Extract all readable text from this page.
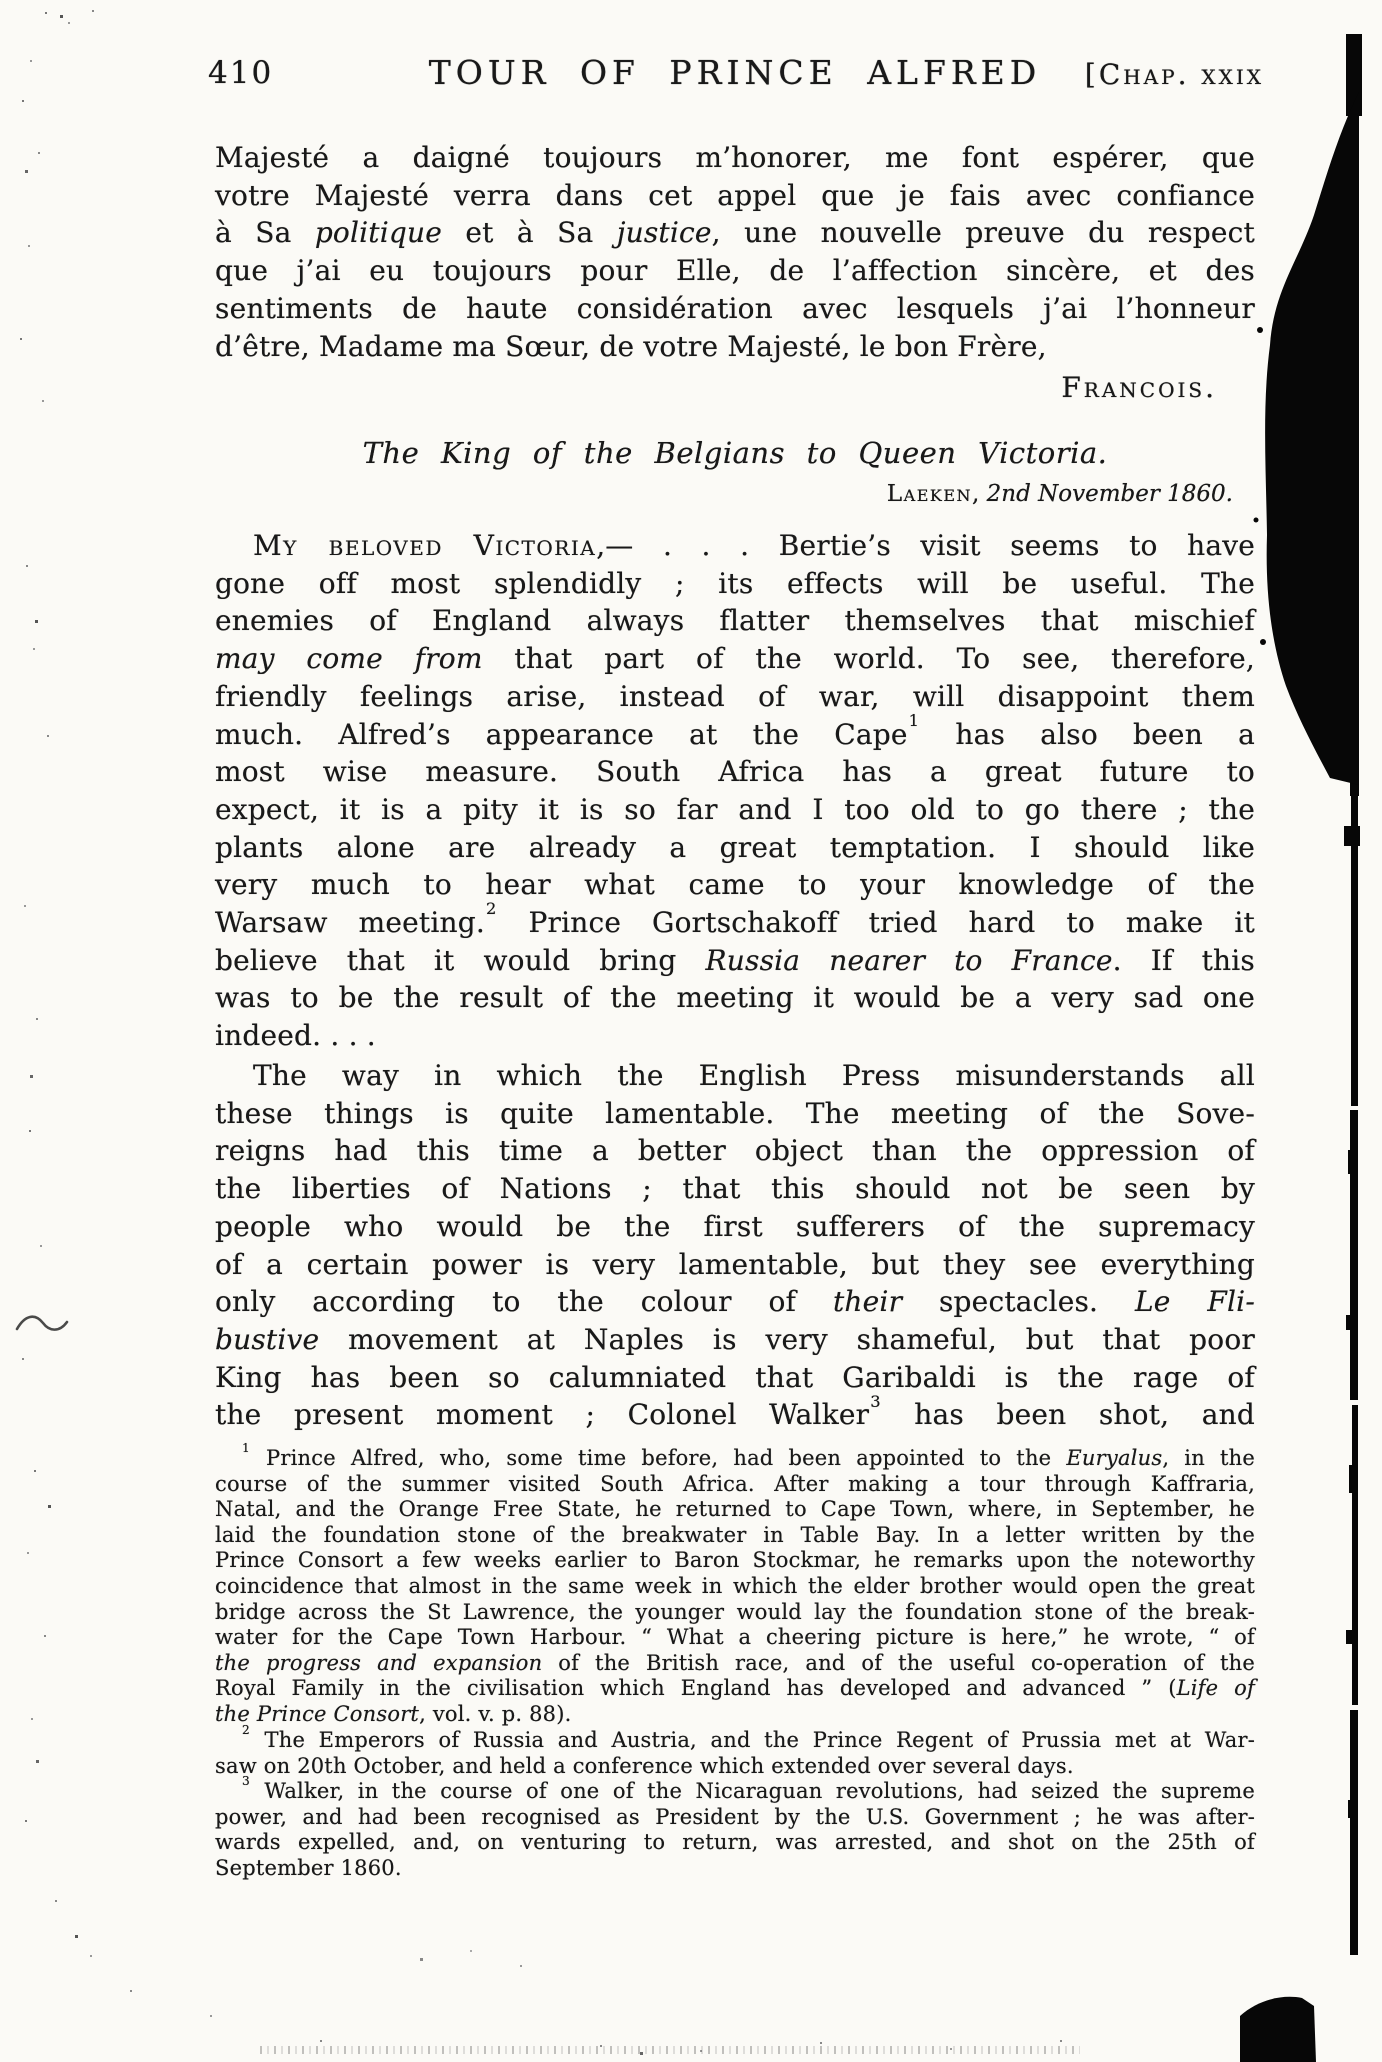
410	TOUR OF PRINCE ALFRED	[Chap. xxix
Majesté a daigné toujours m’honorer, me font espérer, que
votre Majesté verra dans cet appel que je fais avec confiance
à Sa politique et à Sa justice, une nouvelle preuve du respect
que j’ai eu toujours pour Elle, de l’affection sincère, et des
sentiments de haute considération avec lesquels j’ai l’honneur
d’être, Madame ma Sœur, de votre Majesté, le bon Frère,
Francois.
The King of the Belgians to Queen Victoria.
Laeken, 2nd November 1860.
My beloved Victoria,— . . . Bertie’s visit seems to have
gone off most splendidly ; its effects will be useful. The
enemies of England always flatter themselves that mischief
may come from that part of the world. To see, therefore,
friendly feelings arise, instead of war, will disappoint them
much. Alfred’s appearance at the Cape$^1$ has also been a
most wise measure. South Africa has a great future to
expect, it is a pity it is so far and I too old to go there ; the
plants alone are already a great temptation. I should like
very much to hear what came to your knowledge of the
Warsaw meeting.$^2$ Prince Gortschakoff tried hard to make it
believe that it would bring Russia nearer to France. If this
was to be the result of the meeting it would be a very sad one
indeed. . . .
The way in which the English Press misunderstands all
these things is quite lamentable. The meeting of the Sove-
reigns had this time a better object than the oppression of
the liberties of Nations ; that this should not be seen by
people who would be the first sufferers of the supremacy
of a certain power is very lamentable, but they see everything
only according to the colour of their spectacles. Le Fli-
bustive movement at Naples is very shameful, but that poor
King has been so calumniated that Garibaldi is the rage of
the present moment ; Colonel Walker$^3$ has been shot, and
$^1$ Prince Alfred, who, some time before, had been appointed to the Euryalus, in the
course of the summer visited South Africa. After making a tour through Kaffraria,
Natal, and the Orange Free State, he returned to Cape Town, where, in September, he
laid the foundation stone of the breakwater in Table Bay. In a letter written by the
Prince Consort a few weeks earlier to Baron Stockmar, he remarks upon the noteworthy
coincidence that almost in the same week in which the elder brother would open the great
bridge across the St Lawrence, the younger would lay the foundation stone of the break-
water for the Cape Town Harbour. “ What a cheering picture is here,” he wrote, “ of
the progress and expansion of the British race, and of the useful co-operation of the
Royal Family in the civilisation which England has developed and advanced ” (Life of
the Prince Consort, vol. v. p. 88).
$^2$ The Emperors of Russia and Austria, and the Prince Regent of Prussia met at War-
saw on 20th October, and held a conference which extended over several days.
$^3$ Walker, in the course of one of the Nicaraguan revolutions, had seized the supreme
power, and had been recognised as President by the U.S. Government ; he was after-
wards expelled, and, on venturing to return, was arrested, and shot on the 25th of
September 1860.
